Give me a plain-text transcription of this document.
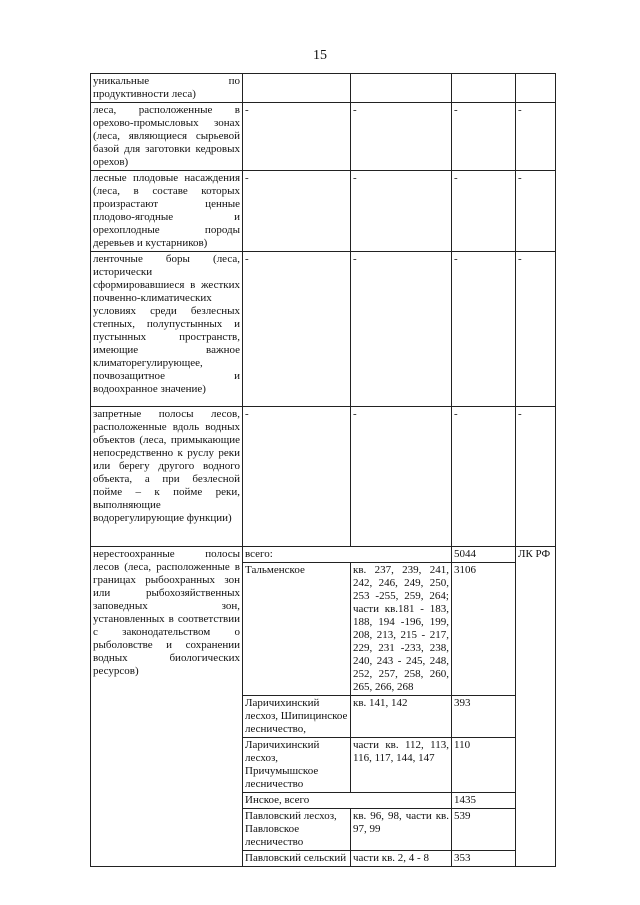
15
уникальные по продуктивности леса)				
леса, расположенные в орехово-промысловых зонах (леса, являющиеся сырьевой базой для заготовки кедровых орехов)	-	-	-	-
лесные плодовые насаждения (леса, в составе которых произрастают ценные плодово-ягодные и орехоплодные породы деревьев и кустарников)	-	-	-	-
ленточные боры (леса, исторически сформировавшиеся в жестких почвенно-климатических условиях среди безлесных степных, полупустынных и пустынных пространств, имеющие важное климаторегулирующее, почвозащитное и водоохранное значение)	-	-	-	-
запретные полосы лесов, расположенные вдоль водных объектов (леса, примыкающие непосредственно к руслу реки или берегу другого водного объекта, а при безлесной пойме – к пойме реки, выполняющие водорегулирующие функции)	-	-	-	-
нерестоохранные полосы лесов (леса, расположенные в границах рыбоохранных зон или рыбохозяйственных заповедных зон, установленных в соответствии с законодательством о рыболовстве и сохранении водных биологических ресурсов)	всего:		5044	ЛК РФ
	Тальменское	кв. 237, 239, 241, 242, 246, 249, 250, 253 -255, 259, 264; части кв.181 - 183, 188, 194 -196, 199, 208, 213, 215 - 217, 229, 231 -233, 238, 240, 243 - 245, 248, 252, 257, 258, 260, 265, 266, 268	3106	
	Ларичихинский лесхоз, Шипицинское лесничество,	кв. 141, 142	393	
	Ларичихинский лесхоз, Причумышское лесничество	части кв. 112, 113, 116, 117, 144, 147	110	
	Инское, всего		1435	
	Павловский лесхоз, Павловское лесничество	кв. 96, 98, части кв. 97, 99	539	
	Павловский сельский	части кв. 2, 4 - 8	353	
